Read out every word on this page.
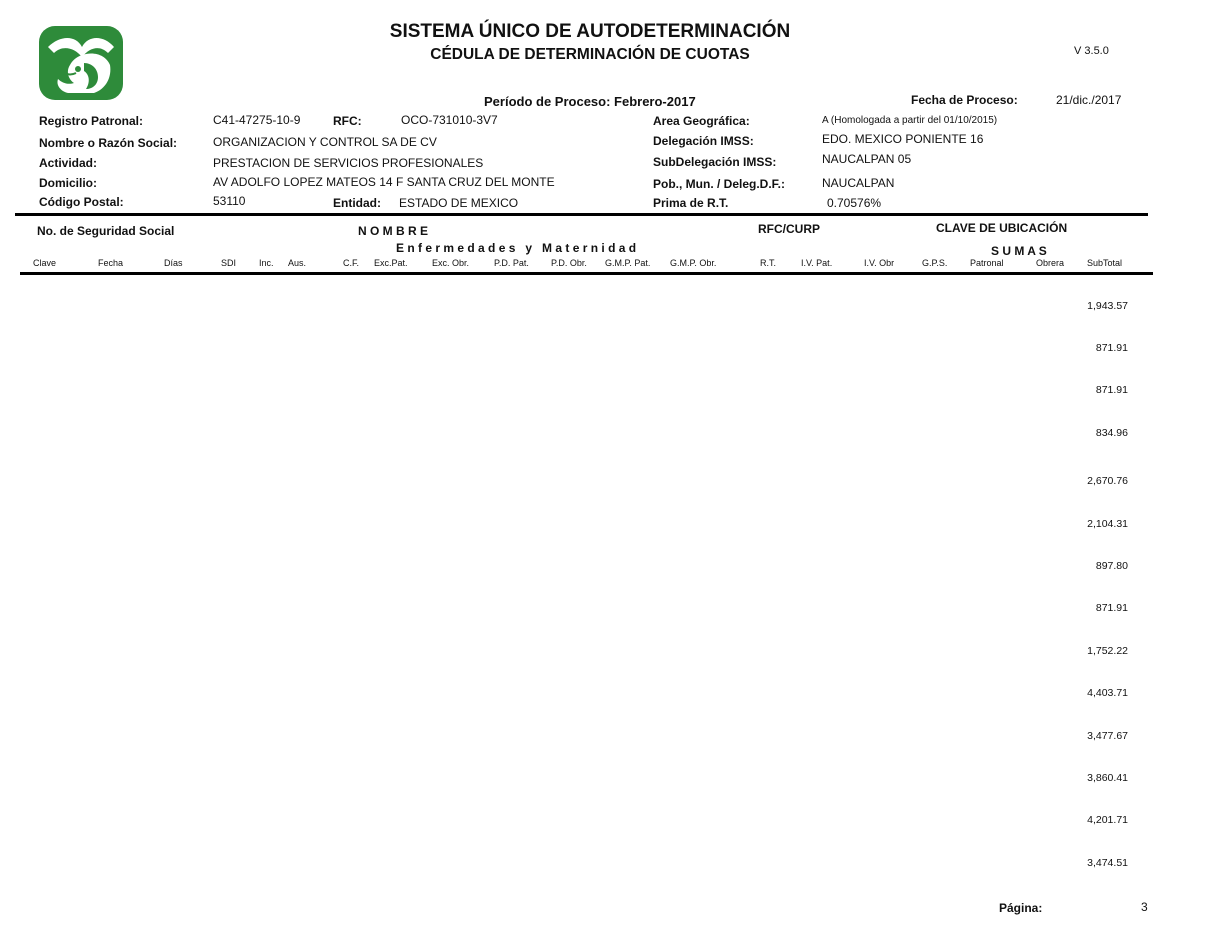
SISTEMA ÚNICO DE AUTODETERMINACIÓN
CÉDULA DE DETERMINACIÓN DE CUOTAS	V 3.5.0
Período de Proceso: Febrero-2017	Fecha de Proceso:	21/dic./2017
Registro Patronal:	C41-47275-10-9	RFC:	OCO-731010-3V7
Nombre o Razón Social:	ORGANIZACION Y CONTROL SA DE CV
Actividad:	PRESTACION DE SERVICIOS PROFESIONALES
Domicilio:	AV ADOLFO LOPEZ MATEOS 14 F SANTA CRUZ DEL MONTE
Código Postal:	53110	Entidad: ESTADO DE MEXICO
Area Geográfica:	A (Homologada a partir del 01/10/2015)
Delegación IMSS:	EDO. MEXICO PONIENTE 16
SubDelegación IMSS:	NAUCALPAN 05
Pob., Mun. / Deleg.D.F.:	NAUCALPAN
Prima de R.T.	0.70576%
No. de Seguridad Social	N O M B R E	RFC/CURP	CLAVE DE UBICACIÓN
E n f e r m e d a d e s   y   M a t e r n i d a d	S U M A S
Clave	Fecha	Días	SDI	Inc. Aus.	C.F. Exc.Pat.	Exc. Obr.	P.D. Pat. P.D. Obr. G.M.P. Pat. G.M.P. Obr.	R.T.	I.V. Pat.	I.V. Obr	G.P.S.	Patronal	Obrera	SubTotal
1,943.57
871.91
871.91
834.96
2,670.76
2,104.31
897.80
871.91
1,752.22
4,403.71
3,477.67
3,860.41
4,201.71
3,474.51
Página:	3
